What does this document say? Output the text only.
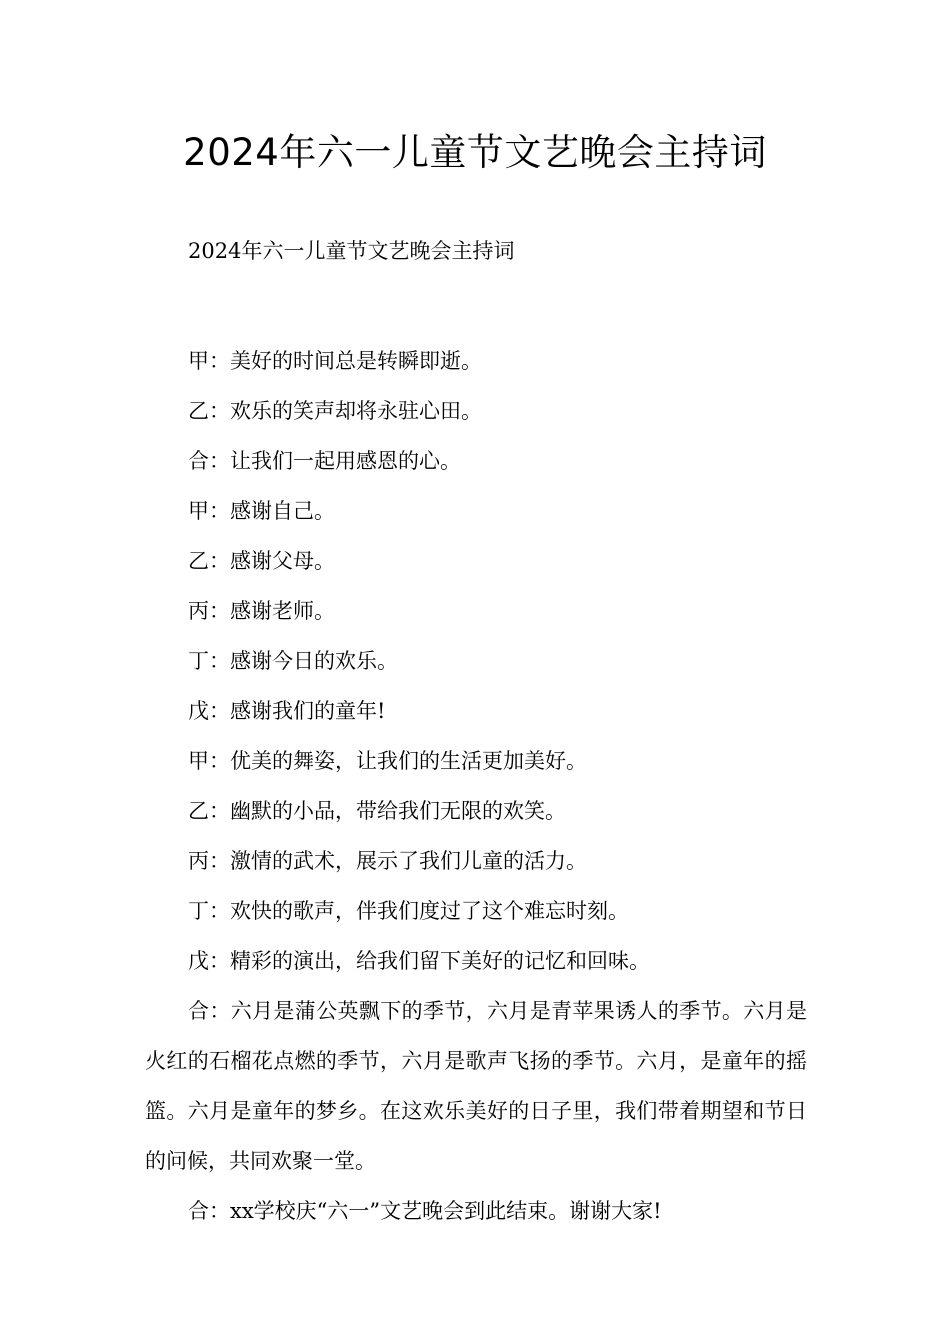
2024年六一儿童节文艺晚会主持词

2024年六一儿童节文艺晚会主持词

甲：美好的时间总是转瞬即逝。

乙：欢乐的笑声却将永驻心田。

合：让我们一起用感恩的心。

甲：感谢自己。

乙：感谢父母。

丙：感谢老师。

丁：感谢今日的欢乐。

戊：感谢我们的童年!

甲：优美的舞姿，让我们的生活更加美好。

乙：幽默的小品，带给我们无限的欢笑。

丙：激情的武术，展示了我们儿童的活力。

丁：欢快的歌声，伴我们度过了这个难忘时刻。

戊：精彩的演出，给我们留下美好的记忆和回味。

合：六月是蒲公英飘下的季节，六月是青苹果诱人的季节。六月是火红的石榴花点燃的季节，六月是歌声飞扬的季节。六月，是童年的摇篮。六月是童年的梦乡。在这欢乐美好的日子里，我们带着期望和节日的问候，共同欢聚一堂。

合：xx学校庆“六一”文艺晚会到此结束。谢谢大家!
